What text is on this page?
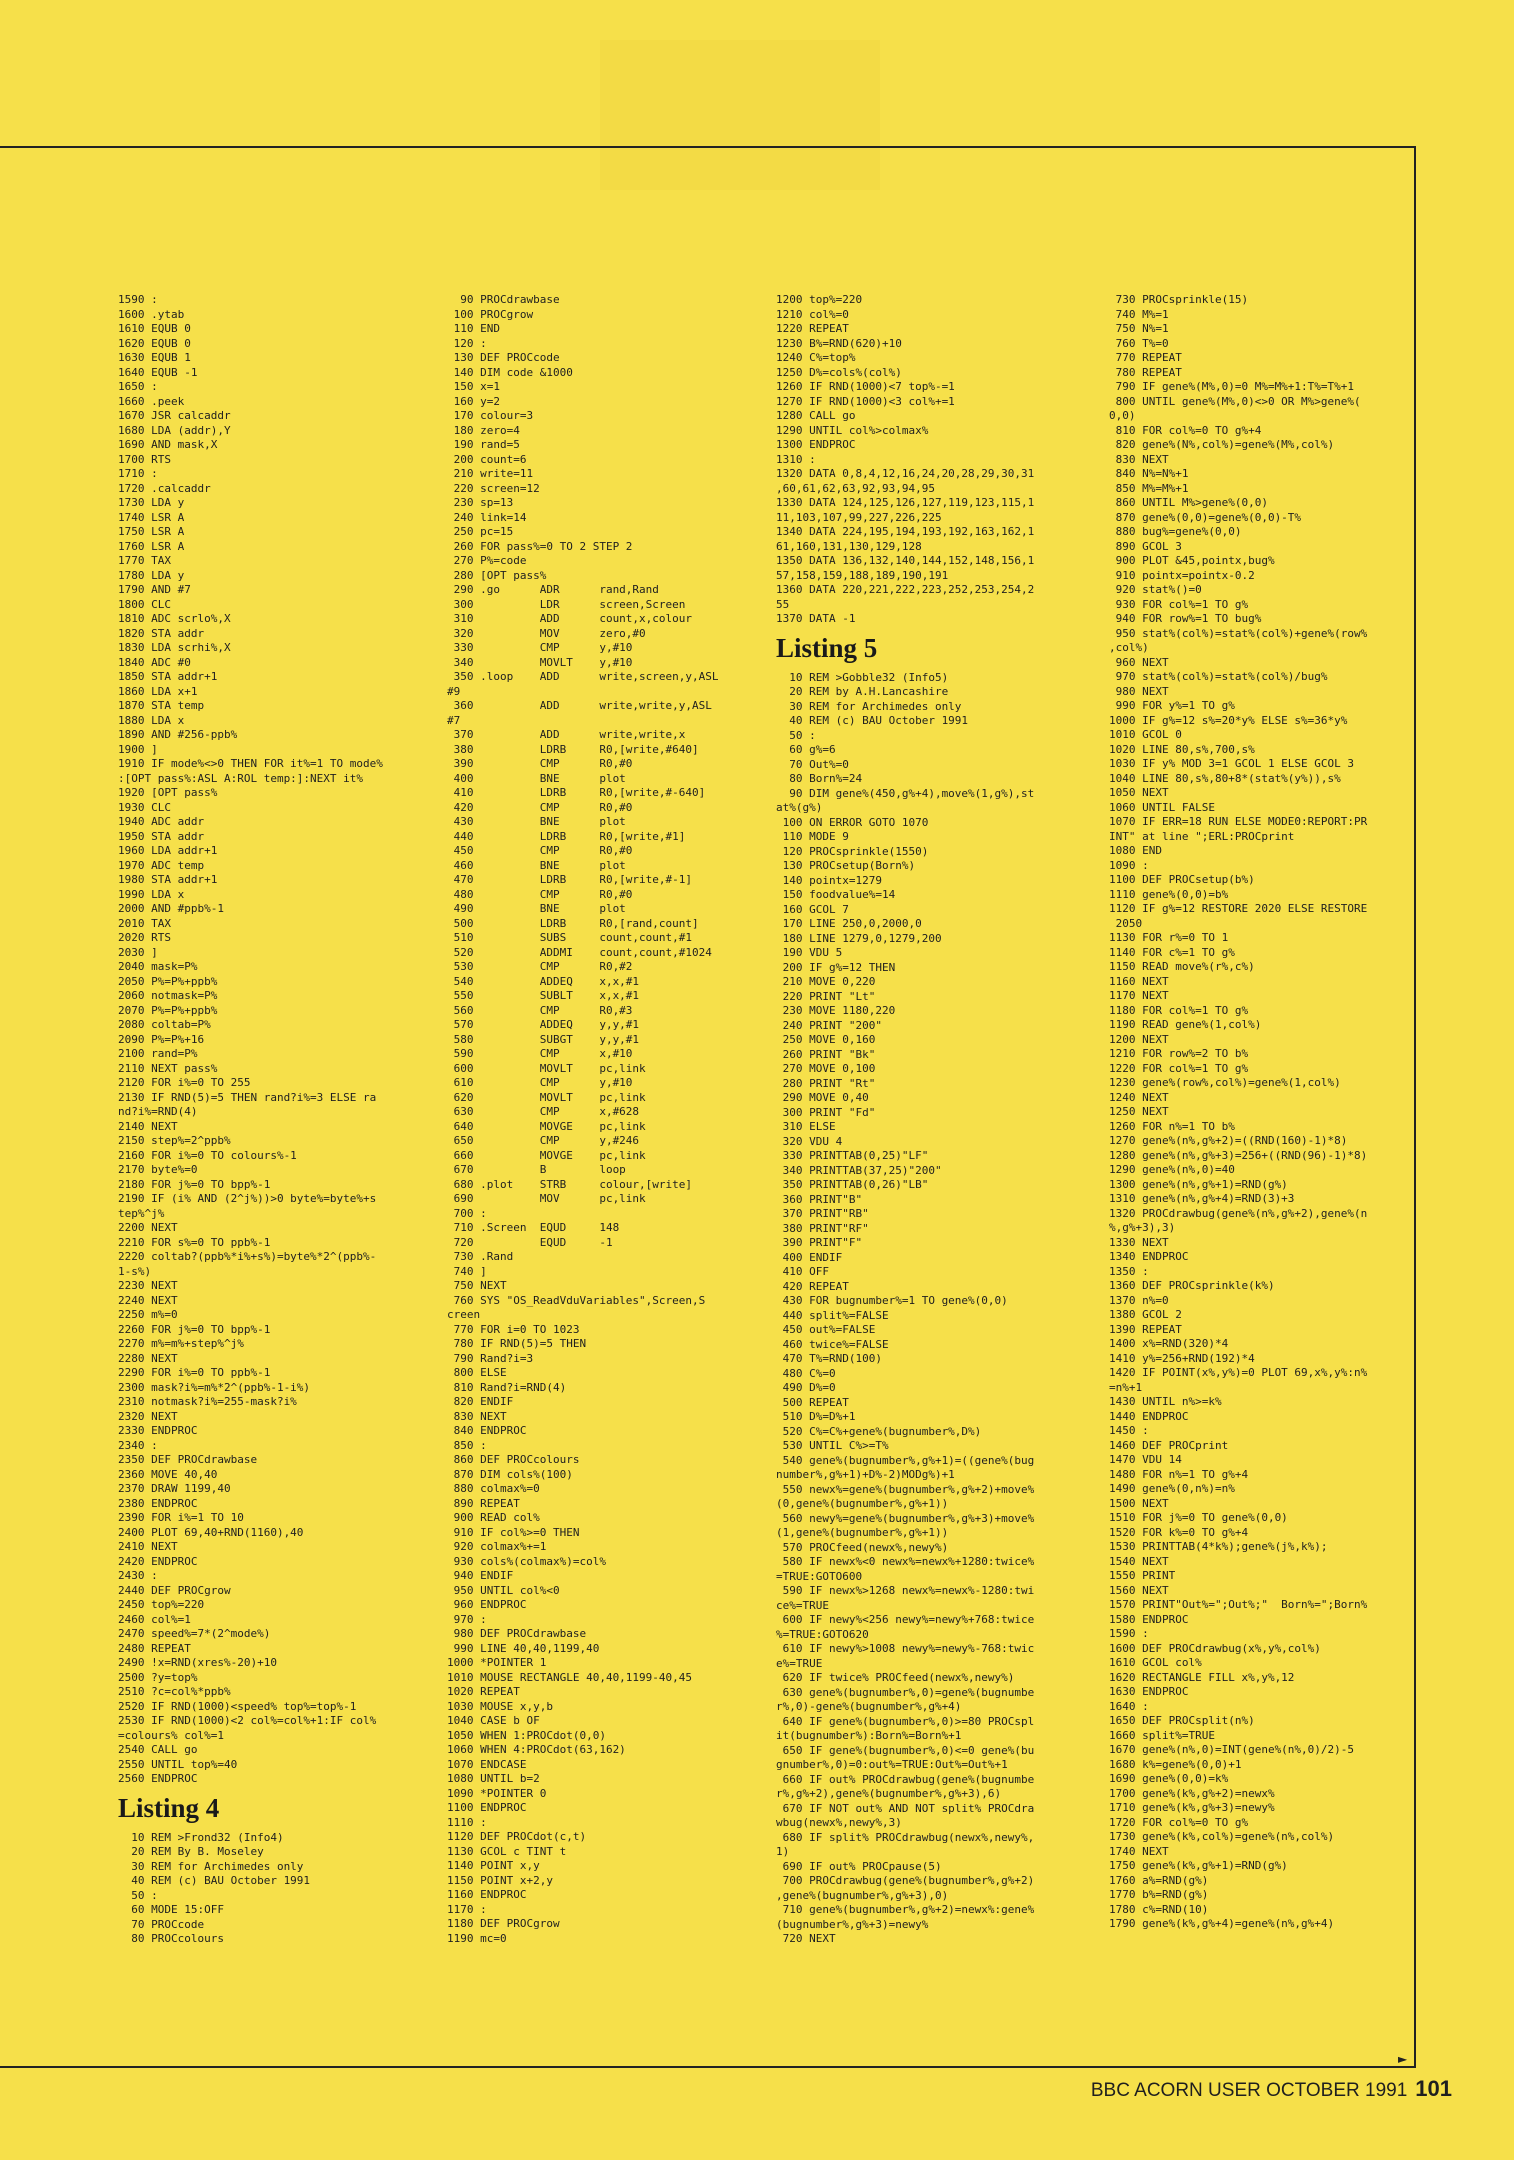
►
1590 :
1600 .ytab
1610 EQUB 0
1620 EQUB 0
1630 EQUB 1
1640 EQUB -1
1650 :
1660 .peek
1670 JSR calcaddr
1680 LDA (addr),Y
1690 AND mask,X
1700 RTS
1710 :
1720 .calcaddr
1730 LDA y
1740 LSR A
1750 LSR A
1760 LSR A
1770 TAX
1780 LDA y
1790 AND #7
1800 CLC
1810 ADC scrlo%,X
1820 STA addr
1830 LDA scrhi%,X
1840 ADC #0
1850 STA addr+1
1860 LDA x+1
1870 STA temp
1880 LDA x
1890 AND #256-ppb%
1900 ]
1910 IF mode%<>0 THEN FOR it%=1 TO mode%
:[OPT pass%:ASL A:ROL temp:]:NEXT it%
1920 [OPT pass%
1930 CLC
1940 ADC addr
1950 STA addr
1960 LDA addr+1
1970 ADC temp
1980 STA addr+1
1990 LDA x
2000 AND #ppb%-1
2010 TAX
2020 RTS
2030 ]
2040 mask=P%
2050 P%=P%+ppb%
2060 notmask=P%
2070 P%=P%+ppb%
2080 coltab=P%
2090 P%=P%+16
2100 rand=P%
2110 NEXT pass%
2120 FOR i%=0 TO 255
2130 IF RND(5)=5 THEN rand?i%=3 ELSE ra
nd?i%=RND(4)
2140 NEXT
2150 step%=2^ppb%
2160 FOR i%=0 TO colours%-1
2170 byte%=0
2180 FOR j%=0 TO bpp%-1
2190 IF (i% AND (2^j%))>0 byte%=byte%+s
tep%^j%
2200 NEXT
2210 FOR s%=0 TO ppb%-1
2220 coltab?(ppb%*i%+s%)=byte%*2^(ppb%-
1-s%)
2230 NEXT
2240 NEXT
2250 m%=0
2260 FOR j%=0 TO bpp%-1
2270 m%=m%+step%^j%
2280 NEXT
2290 FOR i%=0 TO ppb%-1
2300 mask?i%=m%*2^(ppb%-1-i%)
2310 notmask?i%=255-mask?i%
2320 NEXT
2330 ENDPROC
2340 :
2350 DEF PROCdrawbase
2360 MOVE 40,40
2370 DRAW 1199,40
2380 ENDPROC
2390 FOR i%=1 TO 10
2400 PLOT 69,40+RND(1160),40
2410 NEXT
2420 ENDPROC
2430 :
2440 DEF PROCgrow
2450 top%=220
2460 col%=1
2470 speed%=7*(2^mode%)
2480 REPEAT
2490 !x=RND(xres%-20)+10
2500 ?y=top%
2510 ?c=col%*ppb%
2520 IF RND(1000)<speed% top%=top%-1
2530 IF RND(1000)<2 col%=col%+1:IF col%
=colours% col%=1
2540 CALL go
2550 UNTIL top%=40
2560 ENDPROC
Listing 4
10 REM >Frond32 (Info4)
20 REM By B. Moseley
30 REM for Archimedes only
40 REM (c) BAU October 1991
50 :
60 MODE 15:OFF
70 PROCcode
80 PROCcolours
90 PROCdrawbase
100 PROCgrow
110 END
120 :
130 DEF PROCcode
140 DIM code &1000
150 x=1
160 y=2
170 colour=3
180 zero=4
190 rand=5
200 count=6
210 write=11
220 screen=12
230 sp=13
240 link=14
250 pc=15
260 FOR pass%=0 TO 2 STEP 2
270 P%=code
280 [OPT pass%
290 .go      ADR      rand,Rand
300          LDR      screen,Screen
310          ADD      count,x,colour
320          MOV      zero,#0
330          CMP      y,#10
340          MOVLT    y,#10
350 .loop    ADD      write,screen,y,ASL
#9
360          ADD      write,write,y,ASL
#7
370          ADD      write,write,x
380          LDRB     R0,[write,#640]
390          CMP      R0,#0
400          BNE      plot
410          LDRB     R0,[write,#-640]
420          CMP      R0,#0
430          BNE      plot
440          LDRB     R0,[write,#1]
450          CMP      R0,#0
460          BNE      plot
470          LDRB     R0,[write,#-1]
480          CMP      R0,#0
490          BNE      plot
500          LDRB     R0,[rand,count]
510          SUBS     count,count,#1
520          ADDMI    count,count,#1024
530          CMP      R0,#2
540          ADDEQ    x,x,#1
550          SUBLT    x,x,#1
560          CMP      R0,#3
570          ADDEQ    y,y,#1
580          SUBGT    y,y,#1
590          CMP      x,#10
600          MOVLT    pc,link
610          CMP      y,#10
620          MOVLT    pc,link
630          CMP      x,#628
640          MOVGE    pc,link
650          CMP      y,#246
660          MOVGE    pc,link
670          B        loop
680 .plot    STRB     colour,[write]
690          MOV      pc,link
700 :
710 .Screen  EQUD     148
720          EQUD     -1
730 .Rand
740 ]
750 NEXT
760 SYS "OS_ReadVduVariables",Screen,S
creen
770 FOR i=0 TO 1023
780 IF RND(5)=5 THEN
790 Rand?i=3
800 ELSE
810 Rand?i=RND(4)
820 ENDIF
830 NEXT
840 ENDPROC
850 :
860 DEF PROCcolours
870 DIM cols%(100)
880 colmax%=0
890 REPEAT
900 READ col%
910 IF col%>=0 THEN
920 colmax%+=1
930 cols%(colmax%)=col%
940 ENDIF
950 UNTIL col%<0
960 ENDPROC
970 :
980 DEF PROCdrawbase
990 LINE 40,40,1199,40
1000 *POINTER 1
1010 MOUSE RECTANGLE 40,40,1199-40,45
1020 REPEAT
1030 MOUSE x,y,b
1040 CASE b OF
1050 WHEN 1:PROCdot(0,0)
1060 WHEN 4:PROCdot(63,162)
1070 ENDCASE
1080 UNTIL b=2
1090 *POINTER 0
1100 ENDPROC
1110 :
1120 DEF PROCdot(c,t)
1130 GCOL c TINT t
1140 POINT x,y
1150 POINT x+2,y
1160 ENDPROC
1170 :
1180 DEF PROCgrow
1190 mc=0
1200 top%=220
1210 col%=0
1220 REPEAT
1230 B%=RND(620)+10
1240 C%=top%
1250 D%=cols%(col%)
1260 IF RND(1000)<7 top%-=1
1270 IF RND(1000)<3 col%+=1
1280 CALL go
1290 UNTIL col%>colmax%
1300 ENDPROC
1310 :
1320 DATA 0,8,4,12,16,24,20,28,29,30,31
,60,61,62,63,92,93,94,95
1330 DATA 124,125,126,127,119,123,115,1
11,103,107,99,227,226,225
1340 DATA 224,195,194,193,192,163,162,1
61,160,131,130,129,128
1350 DATA 136,132,140,144,152,148,156,1
57,158,159,188,189,190,191
1360 DATA 220,221,222,223,252,253,254,2
55
1370 DATA -1
Listing 5
10 REM >Gobble32 (Info5)
20 REM by A.H.Lancashire
30 REM for Archimedes only
40 REM (c) BAU October 1991
50 :
60 g%=6
70 Out%=0
80 Born%=24
90 DIM gene%(450,g%+4),move%(1,g%),st
at%(g%)
100 ON ERROR GOTO 1070
110 MODE 9
120 PROCsprinkle(1550)
130 PROCsetup(Born%)
140 pointx=1279
150 foodvalue%=14
160 GCOL 7
170 LINE 250,0,2000,0
180 LINE 1279,0,1279,200
190 VDU 5
200 IF g%=12 THEN
210 MOVE 0,220
220 PRINT "Lt"
230 MOVE 1180,220
240 PRINT "200"
250 MOVE 0,160
260 PRINT "Bk"
270 MOVE 0,100
280 PRINT "Rt"
290 MOVE 0,40
300 PRINT "Fd"
310 ELSE
320 VDU 4
330 PRINTTAB(0,25)"LF"
340 PRINTTAB(37,25)"200"
350 PRINTTAB(0,26)"LB"
360 PRINT"B"
370 PRINT"RB"
380 PRINT"RF"
390 PRINT"F"
400 ENDIF
410 OFF
420 REPEAT
430 FOR bugnumber%=1 TO gene%(0,0)
440 split%=FALSE
450 out%=FALSE
460 twice%=FALSE
470 T%=RND(100)
480 C%=0
490 D%=0
500 REPEAT
510 D%=D%+1
520 C%=C%+gene%(bugnumber%,D%)
530 UNTIL C%>=T%
540 gene%(bugnumber%,g%+1)=((gene%(bug
number%,g%+1)+D%-2)MODg%)+1
550 newx%=gene%(bugnumber%,g%+2)+move%
(0,gene%(bugnumber%,g%+1))
560 newy%=gene%(bugnumber%,g%+3)+move%
(1,gene%(bugnumber%,g%+1))
570 PROCfeed(newx%,newy%)
580 IF newx%<0 newx%=newx%+1280:twice%
=TRUE:GOTO600
590 IF newx%>1268 newx%=newx%-1280:twi
ce%=TRUE
600 IF newy%<256 newy%=newy%+768:twice
%=TRUE:GOTO620
610 IF newy%>1008 newy%=newy%-768:twic
e%=TRUE
620 IF twice% PROCfeed(newx%,newy%)
630 gene%(bugnumber%,0)=gene%(bugnumbe
r%,0)-gene%(bugnumber%,g%+4)
640 IF gene%(bugnumber%,0)>=80 PROCspl
it(bugnumber%):Born%=Born%+1
650 IF gene%(bugnumber%,0)<=0 gene%(bu
gnumber%,0)=0:out%=TRUE:Out%=Out%+1
660 IF out% PROCdrawbug(gene%(bugnumbe
r%,g%+2),gene%(bugnumber%,g%+3),6)
670 IF NOT out% AND NOT split% PROCdra
wbug(newx%,newy%,3)
680 IF split% PROCdrawbug(newx%,newy%,
1)
690 IF out% PROCpause(5)
700 PROCdrawbug(gene%(bugnumber%,g%+2)
,gene%(bugnumber%,g%+3),0)
710 gene%(bugnumber%,g%+2)=newx%:gene%
(bugnumber%,g%+3)=newy%
720 NEXT
730 PROCsprinkle(15)
740 M%=1
750 N%=1
760 T%=0
770 REPEAT
780 REPEAT
790 IF gene%(M%,0)=0 M%=M%+1:T%=T%+1
800 UNTIL gene%(M%,0)<>0 OR M%>gene%(
0,0)
810 FOR col%=0 TO g%+4
820 gene%(N%,col%)=gene%(M%,col%)
830 NEXT
840 N%=N%+1
850 M%=M%+1
860 UNTIL M%>gene%(0,0)
870 gene%(0,0)=gene%(0,0)-T%
880 bug%=gene%(0,0)
890 GCOL 3
900 PLOT &45,pointx,bug%
910 pointx=pointx-0.2
920 stat%()=0
930 FOR col%=1 TO g%
940 FOR row%=1 TO bug%
950 stat%(col%)=stat%(col%)+gene%(row%
,col%)
960 NEXT
970 stat%(col%)=stat%(col%)/bug%
980 NEXT
990 FOR y%=1 TO g%
1000 IF g%=12 s%=20*y% ELSE s%=36*y%
1010 GCOL 0
1020 LINE 80,s%,700,s%
1030 IF y% MOD 3=1 GCOL 1 ELSE GCOL 3
1040 LINE 80,s%,80+8*(stat%(y%)),s%
1050 NEXT
1060 UNTIL FALSE
1070 IF ERR=18 RUN ELSE MODE0:REPORT:PR
INT" at line ";ERL:PROCprint
1080 END
1090 :
1100 DEF PROCsetup(b%)
1110 gene%(0,0)=b%
1120 IF g%=12 RESTORE 2020 ELSE RESTORE
2050
1130 FOR r%=0 TO 1
1140 FOR c%=1 TO g%
1150 READ move%(r%,c%)
1160 NEXT
1170 NEXT
1180 FOR col%=1 TO g%
1190 READ gene%(1,col%)
1200 NEXT
1210 FOR row%=2 TO b%
1220 FOR col%=1 TO g%
1230 gene%(row%,col%)=gene%(1,col%)
1240 NEXT
1250 NEXT
1260 FOR n%=1 TO b%
1270 gene%(n%,g%+2)=((RND(160)-1)*8)
1280 gene%(n%,g%+3)=256+((RND(96)-1)*8)
1290 gene%(n%,0)=40
1300 gene%(n%,g%+1)=RND(g%)
1310 gene%(n%,g%+4)=RND(3)+3
1320 PROCdrawbug(gene%(n%,g%+2),gene%(n
%,g%+3),3)
1330 NEXT
1340 ENDPROC
1350 :
1360 DEF PROCsprinkle(k%)
1370 n%=0
1380 GCOL 2
1390 REPEAT
1400 x%=RND(320)*4
1410 y%=256+RND(192)*4
1420 IF POINT(x%,y%)=0 PLOT 69,x%,y%:n%
=n%+1
1430 UNTIL n%>=k%
1440 ENDPROC
1450 :
1460 DEF PROCprint
1470 VDU 14
1480 FOR n%=1 TO g%+4
1490 gene%(0,n%)=n%
1500 NEXT
1510 FOR j%=0 TO gene%(0,0)
1520 FOR k%=0 TO g%+4
1530 PRINTTAB(4*k%);gene%(j%,k%);
1540 NEXT
1550 PRINT
1560 NEXT
1570 PRINT"Out%=";Out%;"  Born%=";Born%
1580 ENDPROC
1590 :
1600 DEF PROCdrawbug(x%,y%,col%)
1610 GCOL col%
1620 RECTANGLE FILL x%,y%,12
1630 ENDPROC
1640 :
1650 DEF PROCsplit(n%)
1660 split%=TRUE
1670 gene%(n%,0)=INT(gene%(n%,0)/2)-5
1680 k%=gene%(0,0)+1
1690 gene%(0,0)=k%
1700 gene%(k%,g%+2)=newx%
1710 gene%(k%,g%+3)=newy%
1720 FOR col%=0 TO g%
1730 gene%(k%,col%)=gene%(n%,col%)
1740 NEXT
1750 gene%(k%,g%+1)=RND(g%)
1760 a%=RND(g%)
1770 b%=RND(g%)
1780 c%=RND(10)
1790 gene%(k%,g%+4)=gene%(n%,g%+4)
BBC ACORN USER OCTOBER 1991 101
